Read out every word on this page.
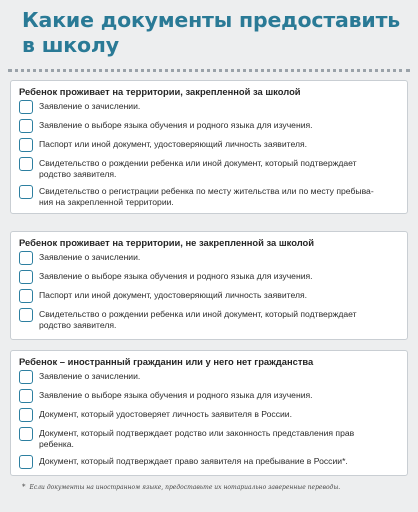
Какие документы предоставить
в школу
Ребенок проживает на территории, закрепленной за школой
Заявление о зачислении.
Заявление о выборе языка обучения и родного языка для изучения.
Паспорт или иной документ, удостоверяющий личность заявителя.
Свидетельство о рождении ребенка или иной документ, который подтверждает
родство заявителя.
Свидетельство о регистрации ребенка по месту жительства или по месту пребыва-
ния на закрепленной территории.
Ребенок проживает на территории, не закрепленной за школой
Заявление о зачислении.
Заявление о выборе языка обучения и родного языка для изучения.
Паспорт или иной документ, удостоверяющий личность заявителя.
Свидетельство о рождении ребенка или иной документ, который подтверждает
родство заявителя.
Ребенок – иностранный гражданин или у него нет гражданства
Заявление о зачислении.
Заявление о выборе языка обучения и родного языка для изучения.
Документ, который удостоверяет личность заявителя в России.
Документ, который подтверждает родство или законность представления прав
ребенка.
Документ, который подтверждает право заявителя на пребывание в России*.
* Если документы на иностранном языке, предоставьте их нотариально заверенные переводы.
